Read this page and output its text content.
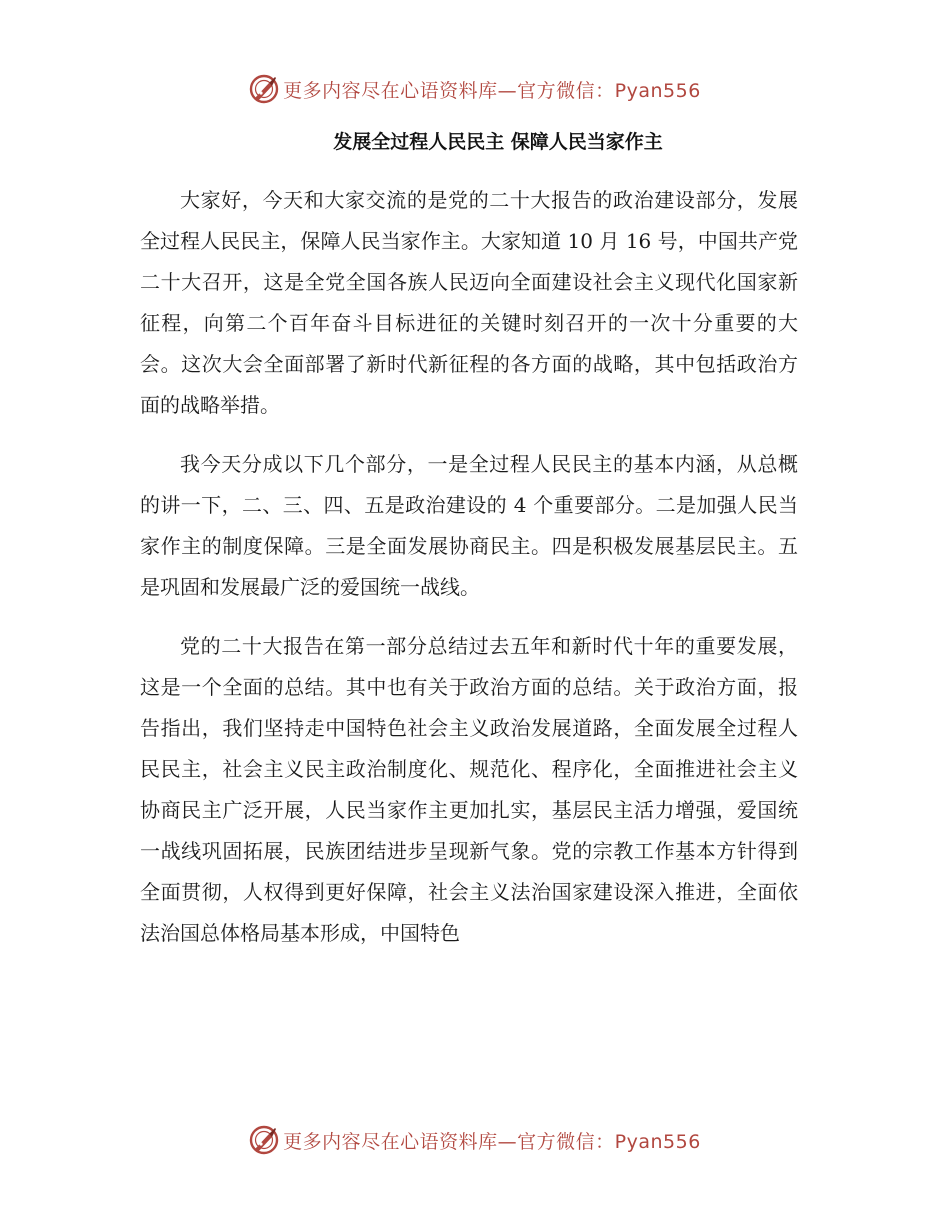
更多内容尽在心语资料库—官方微信：Pyan556
发展全过程人民民主 保障人民当家作主

大家好，今天和大家交流的是党的二十大报告的政治建设部分，发展全过程人民民主，保障人民当家作主。大家知道 10 月 16 号，中国共产党二十大召开，这是全党全国各族人民迈向全面建设社会主义现代化国家新征程，向第二个百年奋斗目标进征的关键时刻召开的一次十分重要的大会。这次大会全面部署了新时代新征程的各方面的战略，其中包括政治方面的战略举措。

我今天分成以下几个部分，一是全过程人民民主的基本内涵，从总概的讲一下，二、三、四、五是政治建设的 4 个重要部分。二是加强人民当家作主的制度保障。三是全面发展协商民主。四是积极发展基层民主。五是巩固和发展最广泛的爱国统一战线。

党的二十大报告在第一部分总结过去五年和新时代十年的重要发展，这是一个全面的总结。其中也有关于政治方面的总结。关于政治方面，报告指出，我们坚持走中国特色社会主义政治发展道路，全面发展全过程人民民主，社会主义民主政治制度化、规范化、程序化，全面推进社会主义协商民主广泛开展，人民当家作主更加扎实，基层民主活力增强，爱国统一战线巩固拓展，民族团结进步呈现新气象。党的宗教工作基本方针得到全面贯彻，人权得到更好保障，社会主义法治国家建设深入推进，全面依法治国总体格局基本形成，中国特色

更多内容尽在心语资料库—官方微信：Pyan556
